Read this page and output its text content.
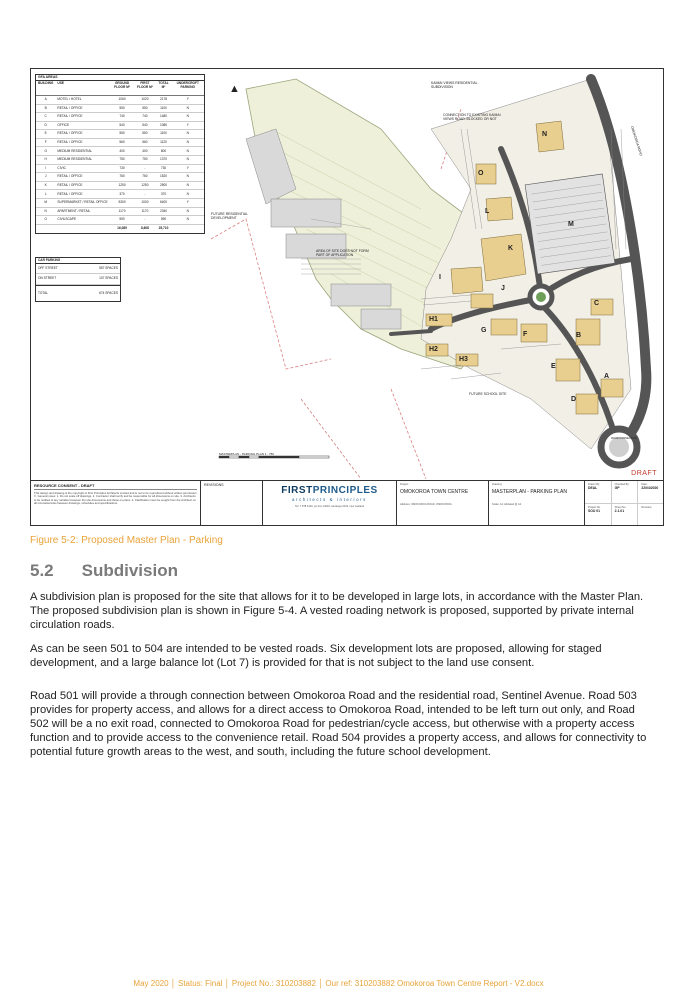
▲
GFA AREAS
BUILDING	USE	GROUND FLOOR M²	FIRST FLOOR M²	TOTAL M²	UNDERCROFT PARKING
A	MOTEL / HOTEL	1060	1020	2178	Y
B	RETAIL / OFFICE	550	550	1100	N
C	RETAIL / OFFICE	740	740	1480	N
D	OFFICE	540	540	1080	Y
E	RETAIL / OFFICE	550	550	1100	N
F	RETAIL / OFFICE	560	560	1120	N
G	MEDIUM RESIDENTIAL	400	400	800	N
H	MEDIUM RESIDENTIAL	750	750	1370	N
I	CIVIC	730	-	730	Y
J	RETAIL / OFFICE	760	760	1520	N
K	RETAIL / OFFICE	1250	1250	2500	N
L	RETAIL / OFFICE	370	-	370	N
M	SUPERMARKET / RETAIL OFFICE	5300	1000	6400	Y
N	APARTMENT / RETAIL	1170	1170	2340	N
O	CIVILSCAPE	590	-	590	N
		16,089	8,608	25,710	
CAR PARKING
OFF STREET	557 SPACES
ON STREET	107 SPACES
TOTAL	674 SPACES
KAIMAI VIEWS RESIDENTIAL SUBDIVISION
FUTURE RESIDENTIAL DEVELOPMENT
AREA OF SITE DOES NOT FORM PART OF APPLICATION
FUTURE SCHOOL SITE
CONNECTION TO EXISTING KAIMAI VIEWS ROAD. BLOCKED OR NOT
OMOKOROA ROAD
ROAD CONNECTION
MASTERPLAN - PARKING PLAN 1 : 750
A
B
C
D
E
F
G
H1
H2
H3
I
J
K
L
M
N
O
DRAFT
RESOURCE CONSENT - DRAFT
This design and drawing is the copyright of First Principles Architects Limited and is not to be reproduced without written permission ©. General notes: 1. Do not scale off drawings. 2. Contractor shall verify and be responsible for all dimensions on site. 3. Architects to be notified of any variation between the site dimensions and those on plans. 4. Clarification must be sought from the Architect on all inconsistencies between drawings, schedules and specifications.
REVISIONS	FIRSTPRINCIPLES
architects & interiors
Tel: 7 578 4120, po box 14216, tauranga 3143, new zealand
Project:
OMOKOROA TOWN CENTRE
Address: OMOKOROA ROAD, OMOKOROA
Drawing:
MASTERPLAN - PARKING PLAN
Scale: A1 indicated @ A1
Drawn By:
DEAL
Checked By:
GP
Date:
22/04/2020
Project No.
SOU 01
Sheet No.
2.1.01
Revision:
Figure 5-2: Proposed Master Plan - Parking
5.2 Subdivision

A subdivision plan is proposed for the site that allows for it to be developed in large lots, in accordance with the Master Plan. The proposed subdivision plan is shown in Figure 5-4. A vested roading network is proposed, supported by private internal circulation roads.

As can be seen 501 to 504 are intended to be vested roads. Six development lots are proposed, allowing for staged development, and a large balance lot (Lot 7) is provided for that is not subject to the land use consent.

Road 501 will provide a through connection between Omokoroa Road and the residential road, Sentinel Avenue. Road 503 provides for property access, and allows for a direct access to Omokoroa Road, intended to be left turn out only, and Road 502 will be a no exit road, connected to Omokoroa Road for pedestrian/cycle access, but otherwise with a property access function and to provide access to the convenience retail. Road 504 provides a property access, and allows for connectivity to potential future growth areas to the west, and south, including the future school development.

May 2020 │ Status: Final │ Project No.: 310203882 │ Our ref: 310203882 Omokoroa Town Centre Report - V2.docx
